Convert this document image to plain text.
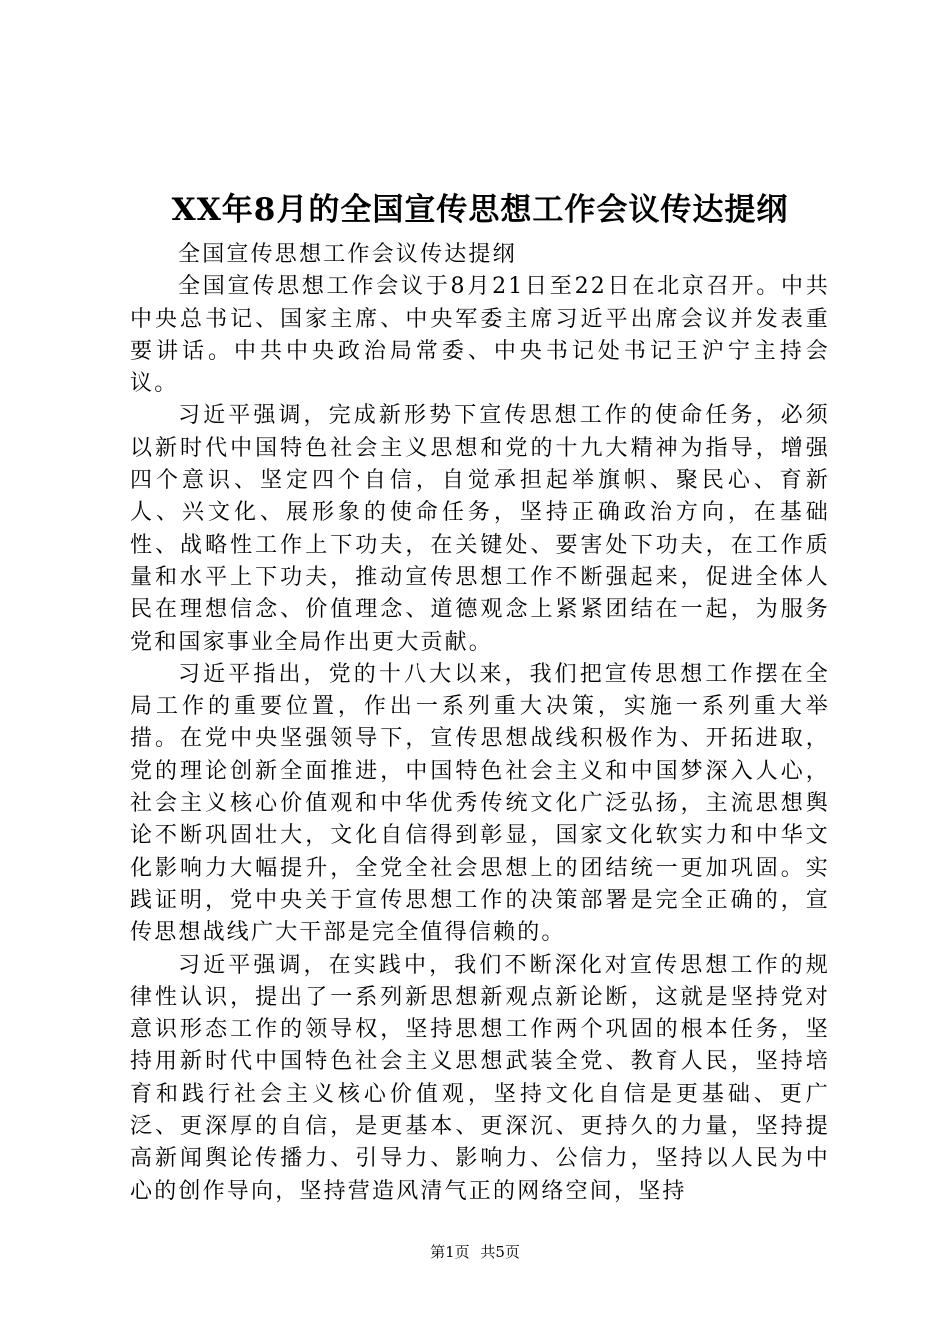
XX年8月的全国宣传思想工作会议传达提纲

全国宣传思想工作会议传达提纲

全国宣传思想工作会议于8月21日至22日在北京召开。中共中央总书记、国家主席、中央军委主席习近平出席会议并发表重要讲话。中共中央政治局常委、中央书记处书记王沪宁主持会议。

习近平强调，完成新形势下宣传思想工作的使命任务，必须以新时代中国特色社会主义思想和党的十九大精神为指导，增强四个意识、坚定四个自信，自觉承担起举旗帜、聚民心、育新人、兴文化、展形象的使命任务，坚持正确政治方向，在基础性、战略性工作上下功夫，在关键处、要害处下功夫，在工作质量和水平上下功夫，推动宣传思想工作不断强起来，促进全体人民在理想信念、价值理念、道德观念上紧紧团结在一起，为服务党和国家事业全局作出更大贡献。

习近平指出，党的十八大以来，我们把宣传思想工作摆在全局工作的重要位置，作出一系列重大决策，实施一系列重大举措。在党中央坚强领导下，宣传思想战线积极作为、开拓进取，党的理论创新全面推进，中国特色社会主义和中国梦深入人心，社会主义核心价值观和中华优秀传统文化广泛弘扬，主流思想舆论不断巩固壮大，文化自信得到彰显，国家文化软实力和中华文化影响力大幅提升，全党全社会思想上的团结统一更加巩固。实践证明，党中央关于宣传思想工作的决策部署是完全正确的，宣传思想战线广大干部是完全值得信赖的。

习近平强调，在实践中，我们不断深化对宣传思想工作的规律性认识，提出了一系列新思想新观点新论断，这就是坚持党对意识形态工作的领导权，坚持思想工作两个巩固的根本任务，坚持用新时代中国特色社会主义思想武装全党、教育人民，坚持培育和践行社会主义核心价值观，坚持文化自信是更基础、更广泛、更深厚的自信，是更基本、更深沉、更持久的力量，坚持提高新闻舆论传播力、引导力、影响力、公信力，坚持以人民为中心的创作导向，坚持营造风清气正的网络空间，坚持

第1页 共5页
